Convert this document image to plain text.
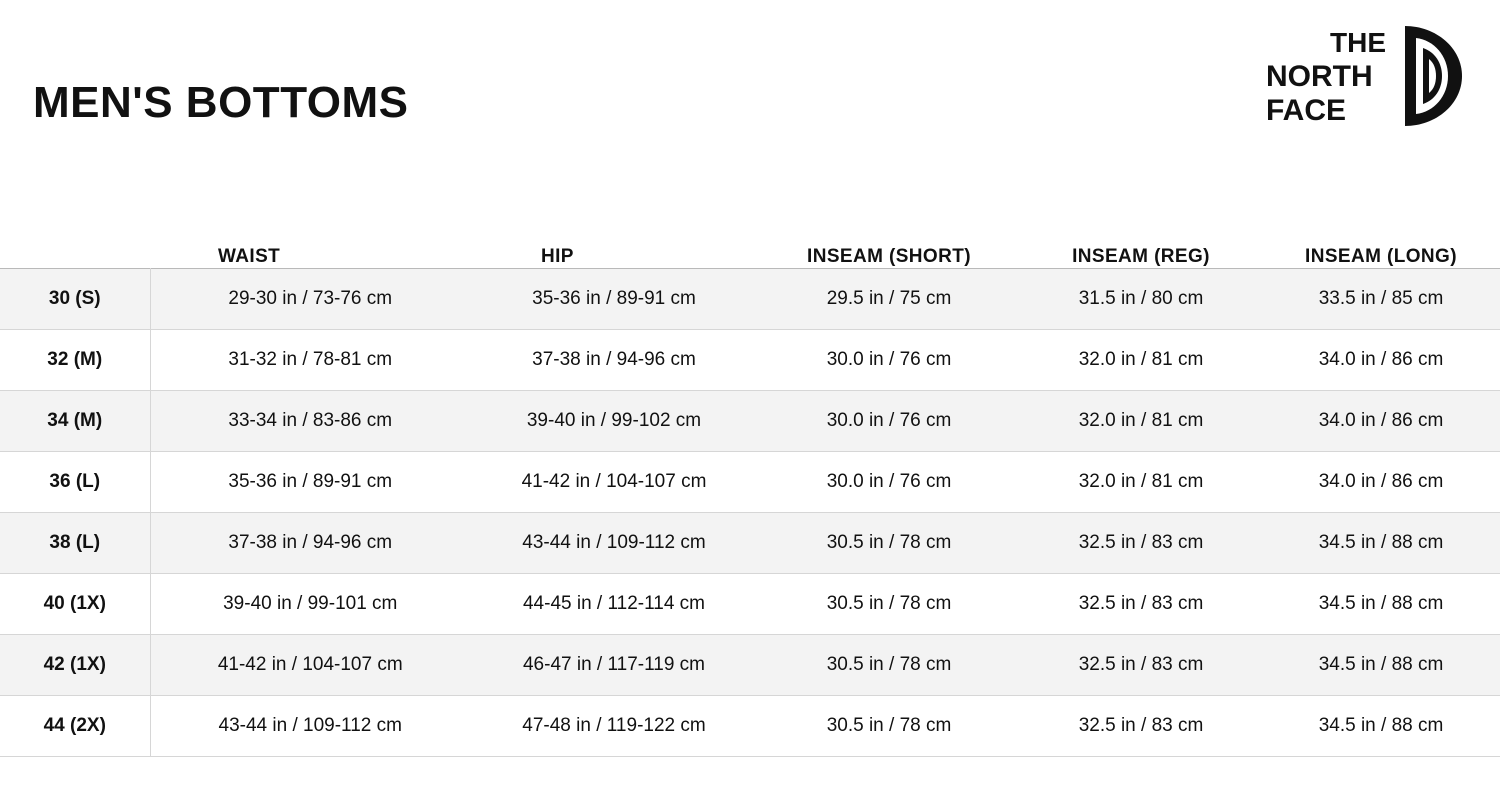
MEN'S BOTTOMS
THE
NORTH
FACE
	WAIST	HIP	INSEAM (SHORT)	INSEAM (REG)	INSEAM (LONG)
30 (S)	29-30 in / 73-76 cm	35-36 in / 89-91 cm	29.5 in / 75 cm	31.5 in / 80 cm	33.5 in / 85 cm
32 (M)	31-32 in / 78-81 cm	37-38 in / 94-96 cm	30.0 in / 76 cm	32.0 in / 81 cm	34.0 in / 86 cm
34 (M)	33-34 in / 83-86 cm	39-40 in / 99-102 cm	30.0 in / 76 cm	32.0 in / 81 cm	34.0 in / 86 cm
36 (L)	35-36 in / 89-91 cm	41-42 in / 104-107 cm	30.0 in / 76 cm	32.0 in / 81 cm	34.0 in / 86 cm
38 (L)	37-38 in / 94-96 cm	43-44 in / 109-112 cm	30.5 in / 78 cm	32.5 in / 83 cm	34.5 in / 88 cm
40 (1X)	39-40 in / 99-101 cm	44-45 in / 112-114 cm	30.5 in / 78 cm	32.5 in / 83 cm	34.5 in / 88 cm
42 (1X)	41-42 in / 104-107 cm	46-47 in / 117-119 cm	30.5 in / 78 cm	32.5 in / 83 cm	34.5 in / 88 cm
44 (2X)	43-44 in / 109-112 cm	47-48 in / 119-122 cm	30.5 in / 78 cm	32.5 in / 83 cm	34.5 in / 88 cm
